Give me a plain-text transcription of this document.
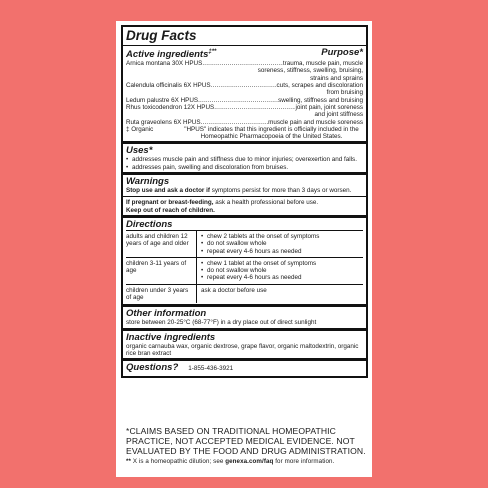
Drug Facts
Active ingredients‡**	Purpose*
Arnica montana 30X HPUS .....	trauma, muscle pain, muscle
soreness, stiffness, swelling, bruising,
strains and sprains
Calendula officinalis 6X HPUS .....	cuts, scrapes and discoloration
from bruising
Ledum palustre 6X HPUS .....	swelling, stiffness and bruising
Rhus toxicodendron 12X HPUS .....	joint pain, joint soreness
and joint stiffness
Ruta graveolens 6X HPUS .....	muscle pain and muscle soreness
‡ Organic	"HPUS" indicates that this ingredient is officially included in the Homeopathic Pharmacopoeia of the United States.
Uses*
• addresses muscle pain and stiffness due to minor injuries; overexertion and falls.
• addresses pain, swelling and discoloration from bruises.
Warnings
Stop use and ask a doctor if symptoms persist for more than 3 days or worsen.
If pregnant or breast-feeding, ask a health professional before use.
Keep out of reach of children.
Directions
adults and children 12 years of age and older
• chew 2 tablets at the onset of symptoms
• do not swallow whole
• repeat every 4-6 hours as needed
children 3-11 years of age
• chew 1 tablet at the onset of symptoms
• do not swallow whole
• repeat every 4-6 hours as needed
children under 3 years of age
ask a doctor before use
Other information
store between 20-25°C (68-77°F) in a dry place out of direct sunlight
Inactive ingredients
organic carnauba wax, organic dextrose, grape flavor, organic maltodextrin, organic rice bran extract
Questions? 1-855-436-3921
*CLAIMS BASED ON TRADITIONAL HOMEOPATHIC PRACTICE, NOT ACCEPTED MEDICAL EVIDENCE. NOT EVALUATED BY THE FOOD AND DRUG ADMINISTRATION.
** X is a homeopathic dilution; see genexa.com/faq for more information.
